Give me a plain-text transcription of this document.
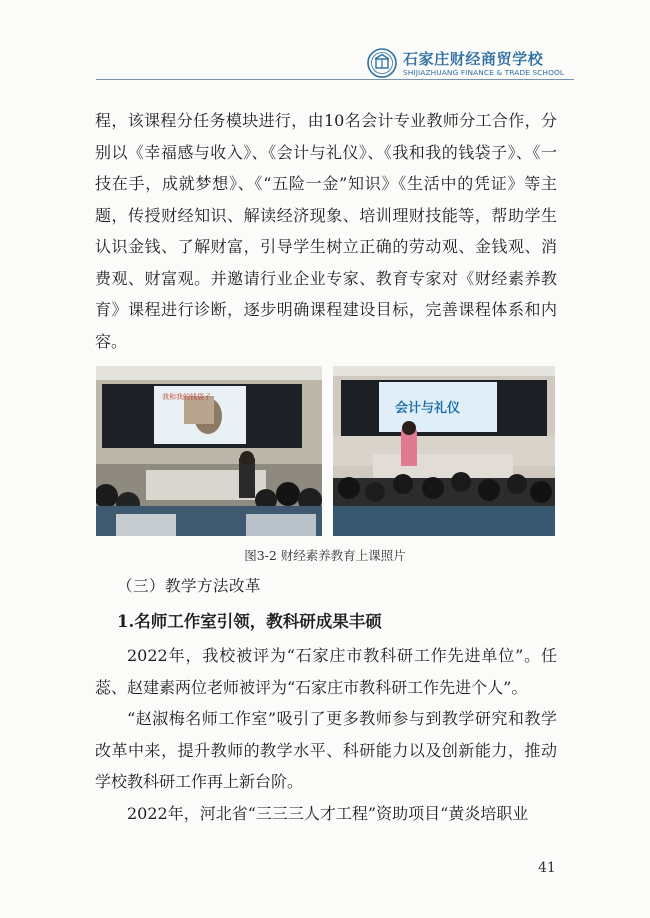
石家庄财经商贸学校
SHIJIAZHUANG FINANCE & TRADE SCHOOL

程，该课程分任务模块进行，由10名会计专业教师分工合作，分别以《幸福感与收入》、《会计与礼仪》、《我和我的钱袋子》、《一技在手，成就梦想》、《“五险一金”知识》《生活中的凭证》等主题，传授财经知识、解读经济现象、培训理财技能等，帮助学生认识金钱、了解财富，引导学生树立正确的劳动观、金钱观、消费观、财富观。并邀请行业企业专家、教育专家对《财经素养教育》课程进行诊断，逐步明确课程建设目标，完善课程体系和内容。

我和我的钱袋子
会计与礼仪
图3-2 财经素养教育上课照片
（三）教学方法改革
1.名师工作室引领，教科研成果丰硕

2022年，我校被评为“石家庄市教科研工作先进单位”。任蕊、赵建素两位老师被评为“石家庄市教科研工作先进个人”。

“赵淑梅名师工作室”吸引了更多教师参与到教学研究和教学改革中来，提升教师的教学水平、科研能力以及创新能力，推动学校教科研工作再上新台阶。

2022年，河北省“三三三人才工程”资助项目“黄炎培职业

41
